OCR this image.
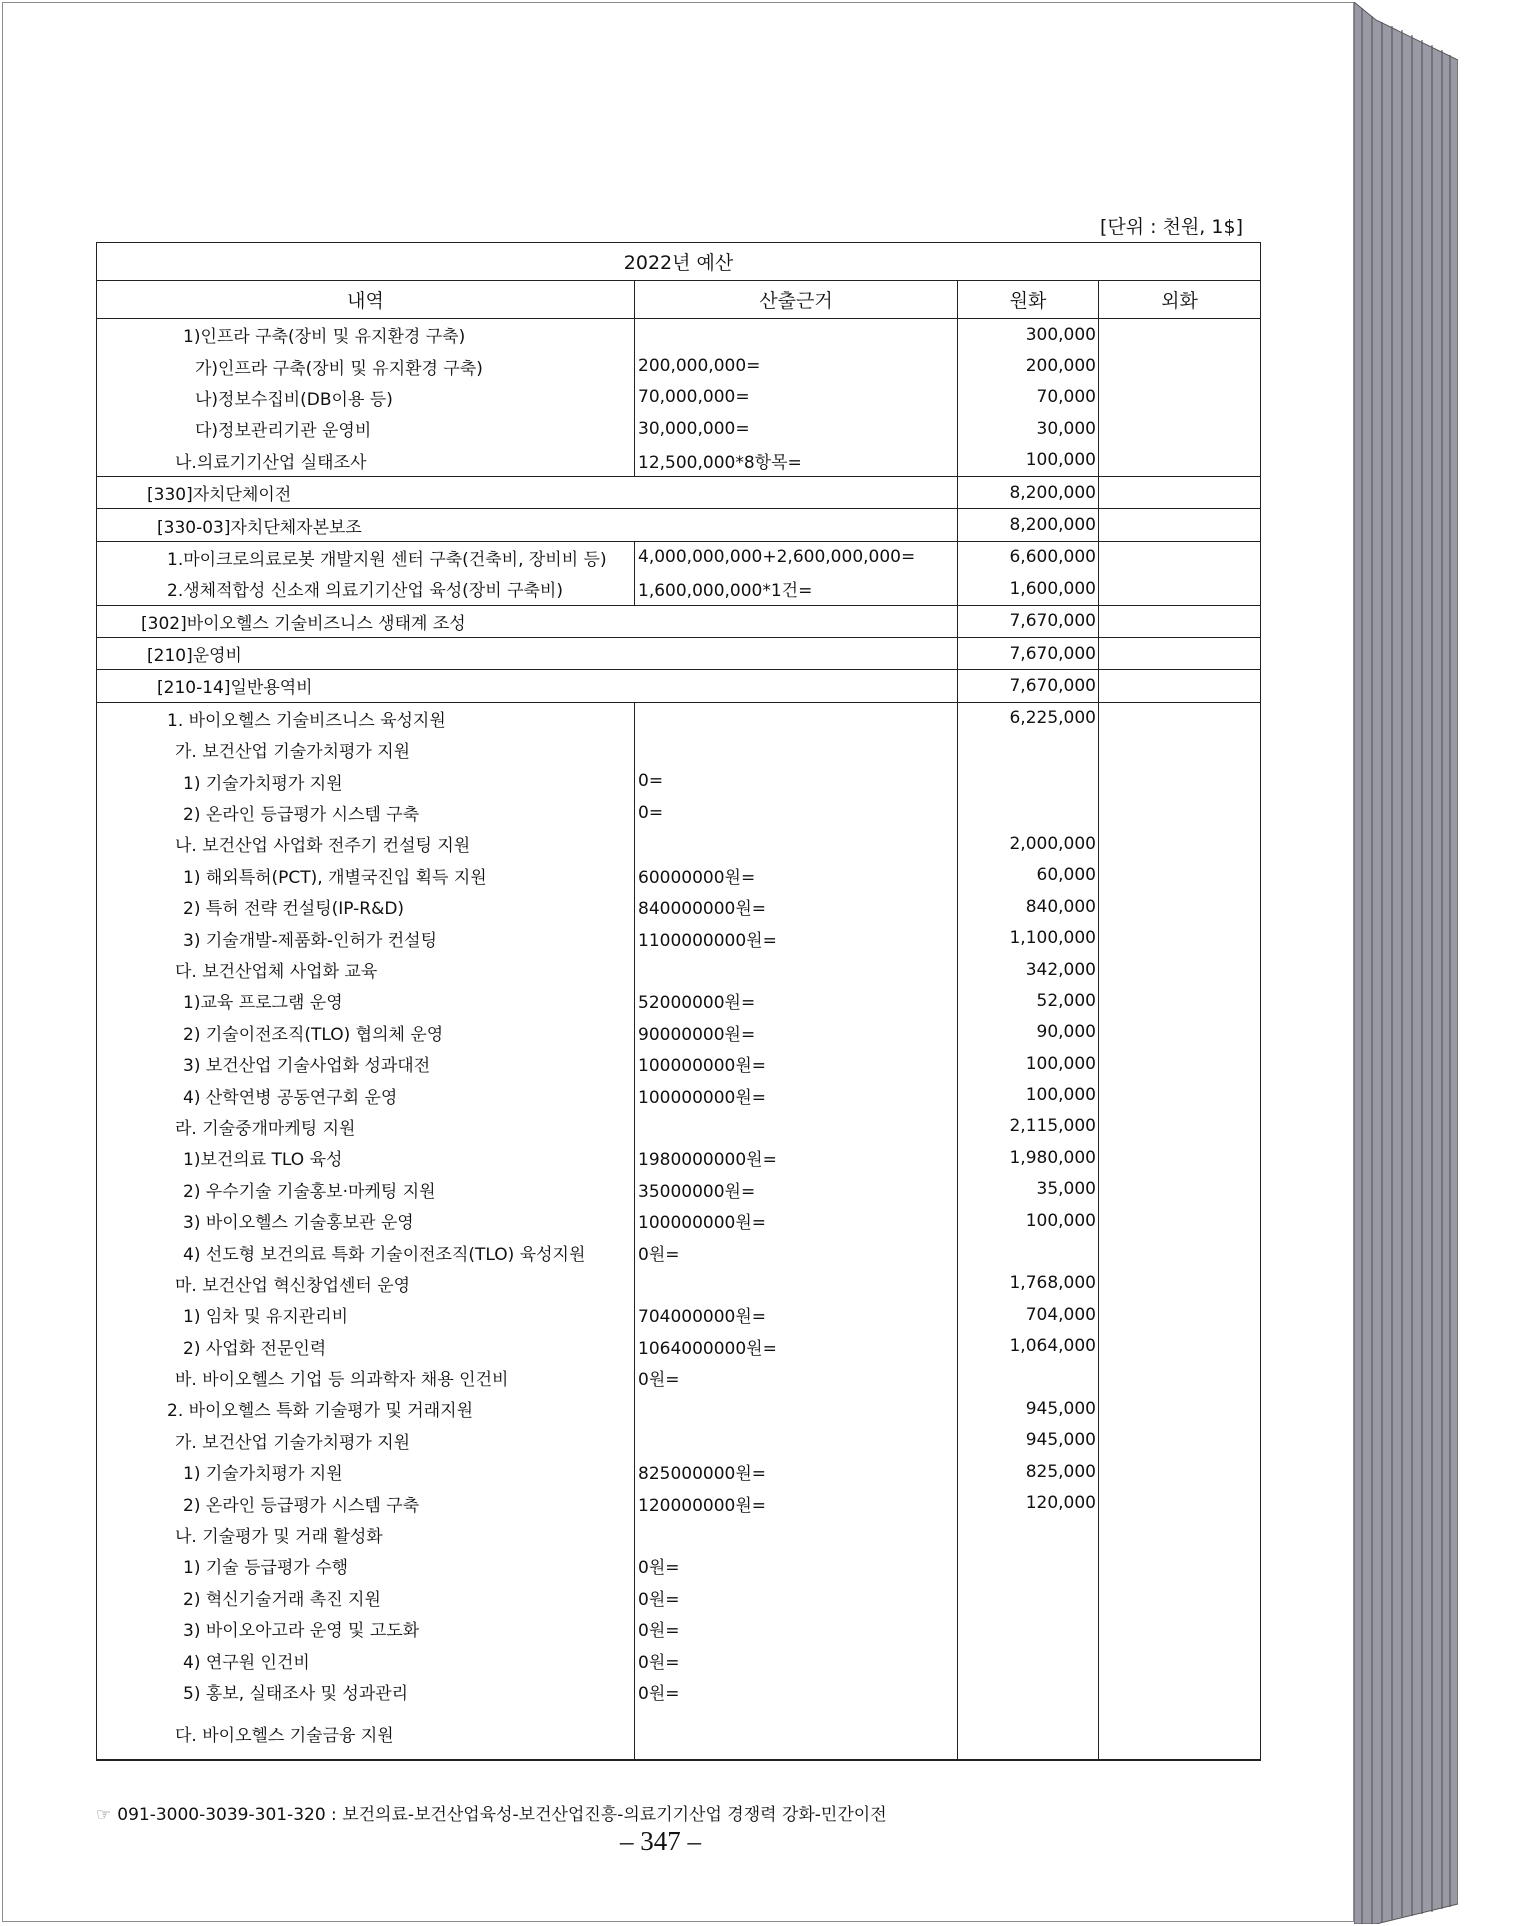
[단위 : 천원, 1$]
2022년 예산			
내역	산출근거	원화	외화
1)인프라 구축(장비 및 유지환경 구축)		300,000	
가)인프라 구축(장비 및 유지환경 구축)	200,000,000=	200,000	
나)정보수집비(DB이용 등)	70,000,000=	70,000	
다)정보관리기관 운영비	30,000,000=	30,000	
나.의료기기산업 실태조사	12,500,000*8항목=	100,000	
[330]자치단체이전		8,200,000	
[330-03]자치단체자본보조		8,200,000	
1.마이크로의료로봇 개발지원 센터 구축(건축비, 장비비 등)	4,000,000,000+2,600,000,000=	6,600,000	
2.생체적합성 신소재 의료기기산업 육성(장비 구축비)	1,600,000,000*1건=	1,600,000	
[302]바이오헬스 기술비즈니스 생태계 조성		7,670,000	
[210]운영비		7,670,000	
[210-14]일반용역비		7,670,000	
1. 바이오헬스 기술비즈니스 육성지원		6,225,000	
가. 보건산업 기술가치평가 지원			
1) 기술가치평가 지원	0=		
2) 온라인 등급평가 시스템 구축	0=		
나. 보건산업 사업화 전주기 컨설팅 지원		2,000,000	
1) 해외특허(PCT), 개별국진입 획득 지원	60000000원=	60,000	
2) 특허 전략 컨설팅(IP-R&D)	840000000원=	840,000	
3) 기술개발-제품화-인허가 컨설팅	1100000000원=	1,100,000	
다. 보건산업체 사업화 교육		342,000	
1)교육 프로그램 운영	52000000원=	52,000	
2) 기술이전조직(TLO) 협의체 운영	90000000원=	90,000	
3) 보건산업 기술사업화 성과대전	100000000원=	100,000	
4) 산학연병 공동연구회 운영	100000000원=	100,000	
라. 기술중개마케팅 지원		2,115,000	
1)보건의료 TLO 육성	1980000000원=	1,980,000	
2) 우수기술 기술홍보·마케팅 지원	35000000원=	35,000	
3) 바이오헬스 기술홍보관 운영	100000000원=	100,000	
4) 선도형 보건의료 특화 기술이전조직(TLO) 육성지원	0원=		
마. 보건산업 혁신창업센터 운영		1,768,000	
1) 임차 및 유지관리비	704000000원=	704,000	
2) 사업화 전문인력	1064000000원=	1,064,000	
바. 바이오헬스 기업 등 의과학자 채용 인건비	0원=		
2. 바이오헬스 특화 기술평가 및 거래지원		945,000	
가. 보건산업 기술가치평가 지원		945,000	
1) 기술가치평가 지원	825000000원=	825,000	
2) 온라인 등급평가 시스템 구축	120000000원=	120,000	
나. 기술평가 및 거래 활성화			
1) 기술 등급평가 수행	0원=		
2) 혁신기술거래 촉진 지원	0원=		
3) 바이오아고라 운영 및 고도화	0원=		
4) 연구원 인건비	0원=		
5) 홍보, 실태조사 및 성과관리	0원=		
다. 바이오헬스 기술금융 지원			
☞ 091-3000-3039-301-320 : 보건의료-보건산업육성-보건산업진흥-의료기기산업 경쟁력 강화-민간이전
– 347 –
